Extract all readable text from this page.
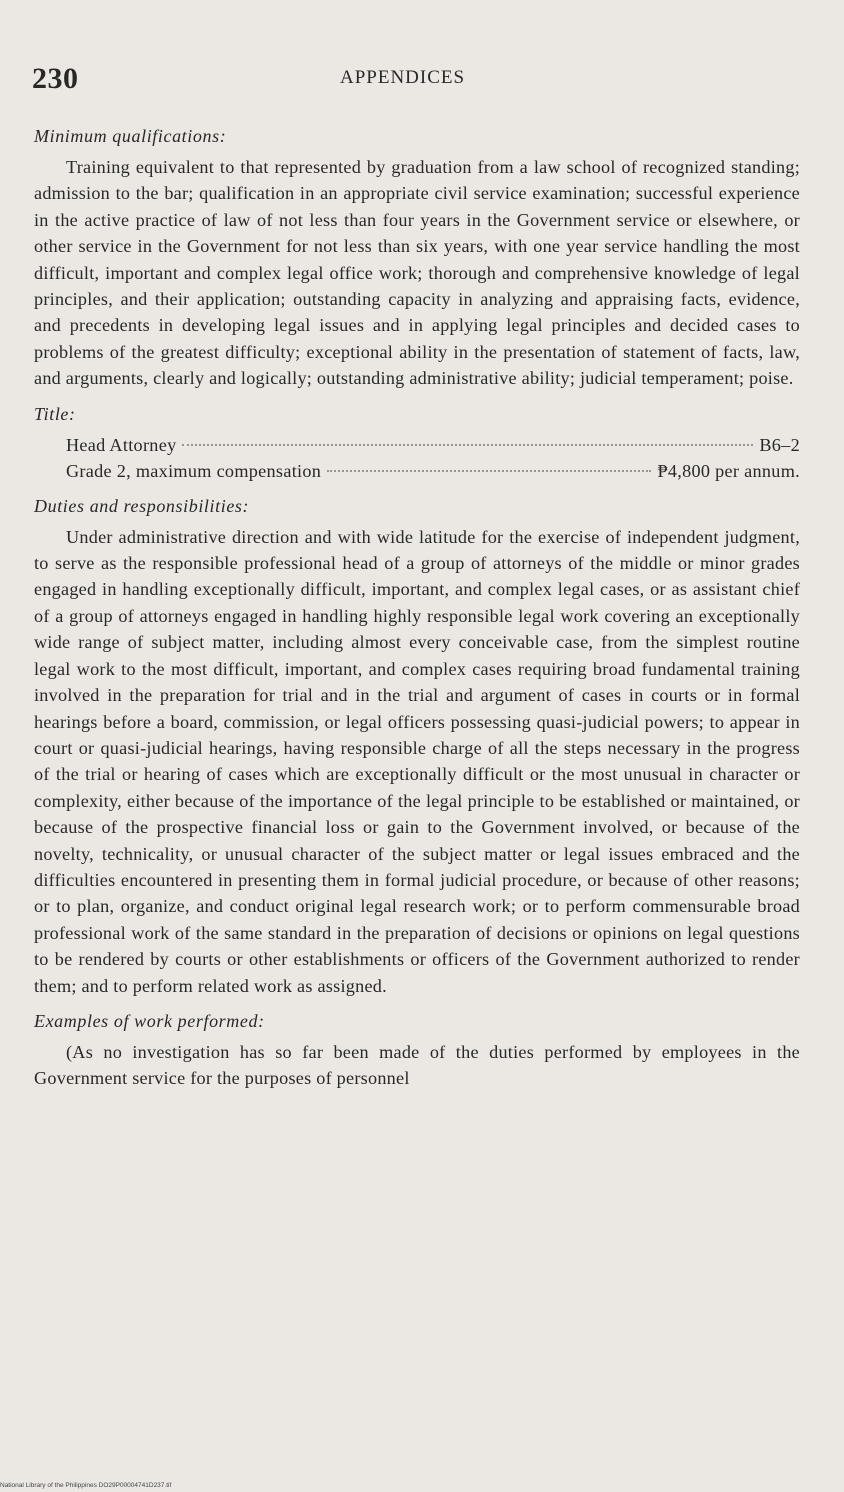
230	APPENDICES
Minimum qualifications:

Training equivalent to that represented by graduation from a law school of recognized standing; admission to the bar; qualification in an appropriate civil service examination; successful experience in the active practice of law of not less than four years in the Government service or elsewhere, or other service in the Government for not less than six years, with one year service handling the most difficult, important and complex legal office work; thorough and comprehensive knowledge of legal principles, and their application; outstanding capacity in analyzing and appraising facts, evidence, and precedents in developing legal issues and in applying legal principles and decided cases to problems of the greatest difficulty; exceptional ability in the presentation of statement of facts, law, and arguments, clearly and logically; outstanding administrative ability; judicial temperament; poise.

Title:
Head Attorney	B6–2
Grade 2, maximum compensation	₱4,800 per annum.
Duties and responsibilities:

Under administrative direction and with wide latitude for the exercise of independent judgment, to serve as the responsible professional head of a group of attorneys of the middle or minor grades engaged in handling exceptionally difficult, important, and complex legal cases, or as assistant chief of a group of attorneys engaged in handling highly responsible legal work covering an exceptionally wide range of subject matter, including almost every conceivable case, from the simplest routine legal work to the most difficult, important, and complex cases requiring broad fundamental training involved in the preparation for trial and in the trial and argument of cases in courts or in formal hearings before a board, commission, or legal officers possessing quasi-judicial powers; to appear in court or quasi-judicial hearings, having responsible charge of all the steps necessary in the progress of the trial or hearing of cases which are exceptionally difficult or the most unusual in character or complexity, either because of the importance of the legal principle to be established or maintained, or because of the prospective financial loss or gain to the Government involved, or because of the novelty, technicality, or unusual character of the subject matter or legal issues embraced and the difficulties encountered in presenting them in formal judicial procedure, or because of other reasons; or to plan, organize, and conduct original legal research work; or to perform commensurable broad professional work of the same standard in the preparation of decisions or opinions on legal questions to be rendered by courts or other establishments or officers of the Government authorized to render them; and to perform related work as assigned.

Examples of work performed:

(As no investigation has so far been made of the duties performed by employees in the Government service for the purposes of personnel

National Library of the Philippines DO29P00004741D237.tif
